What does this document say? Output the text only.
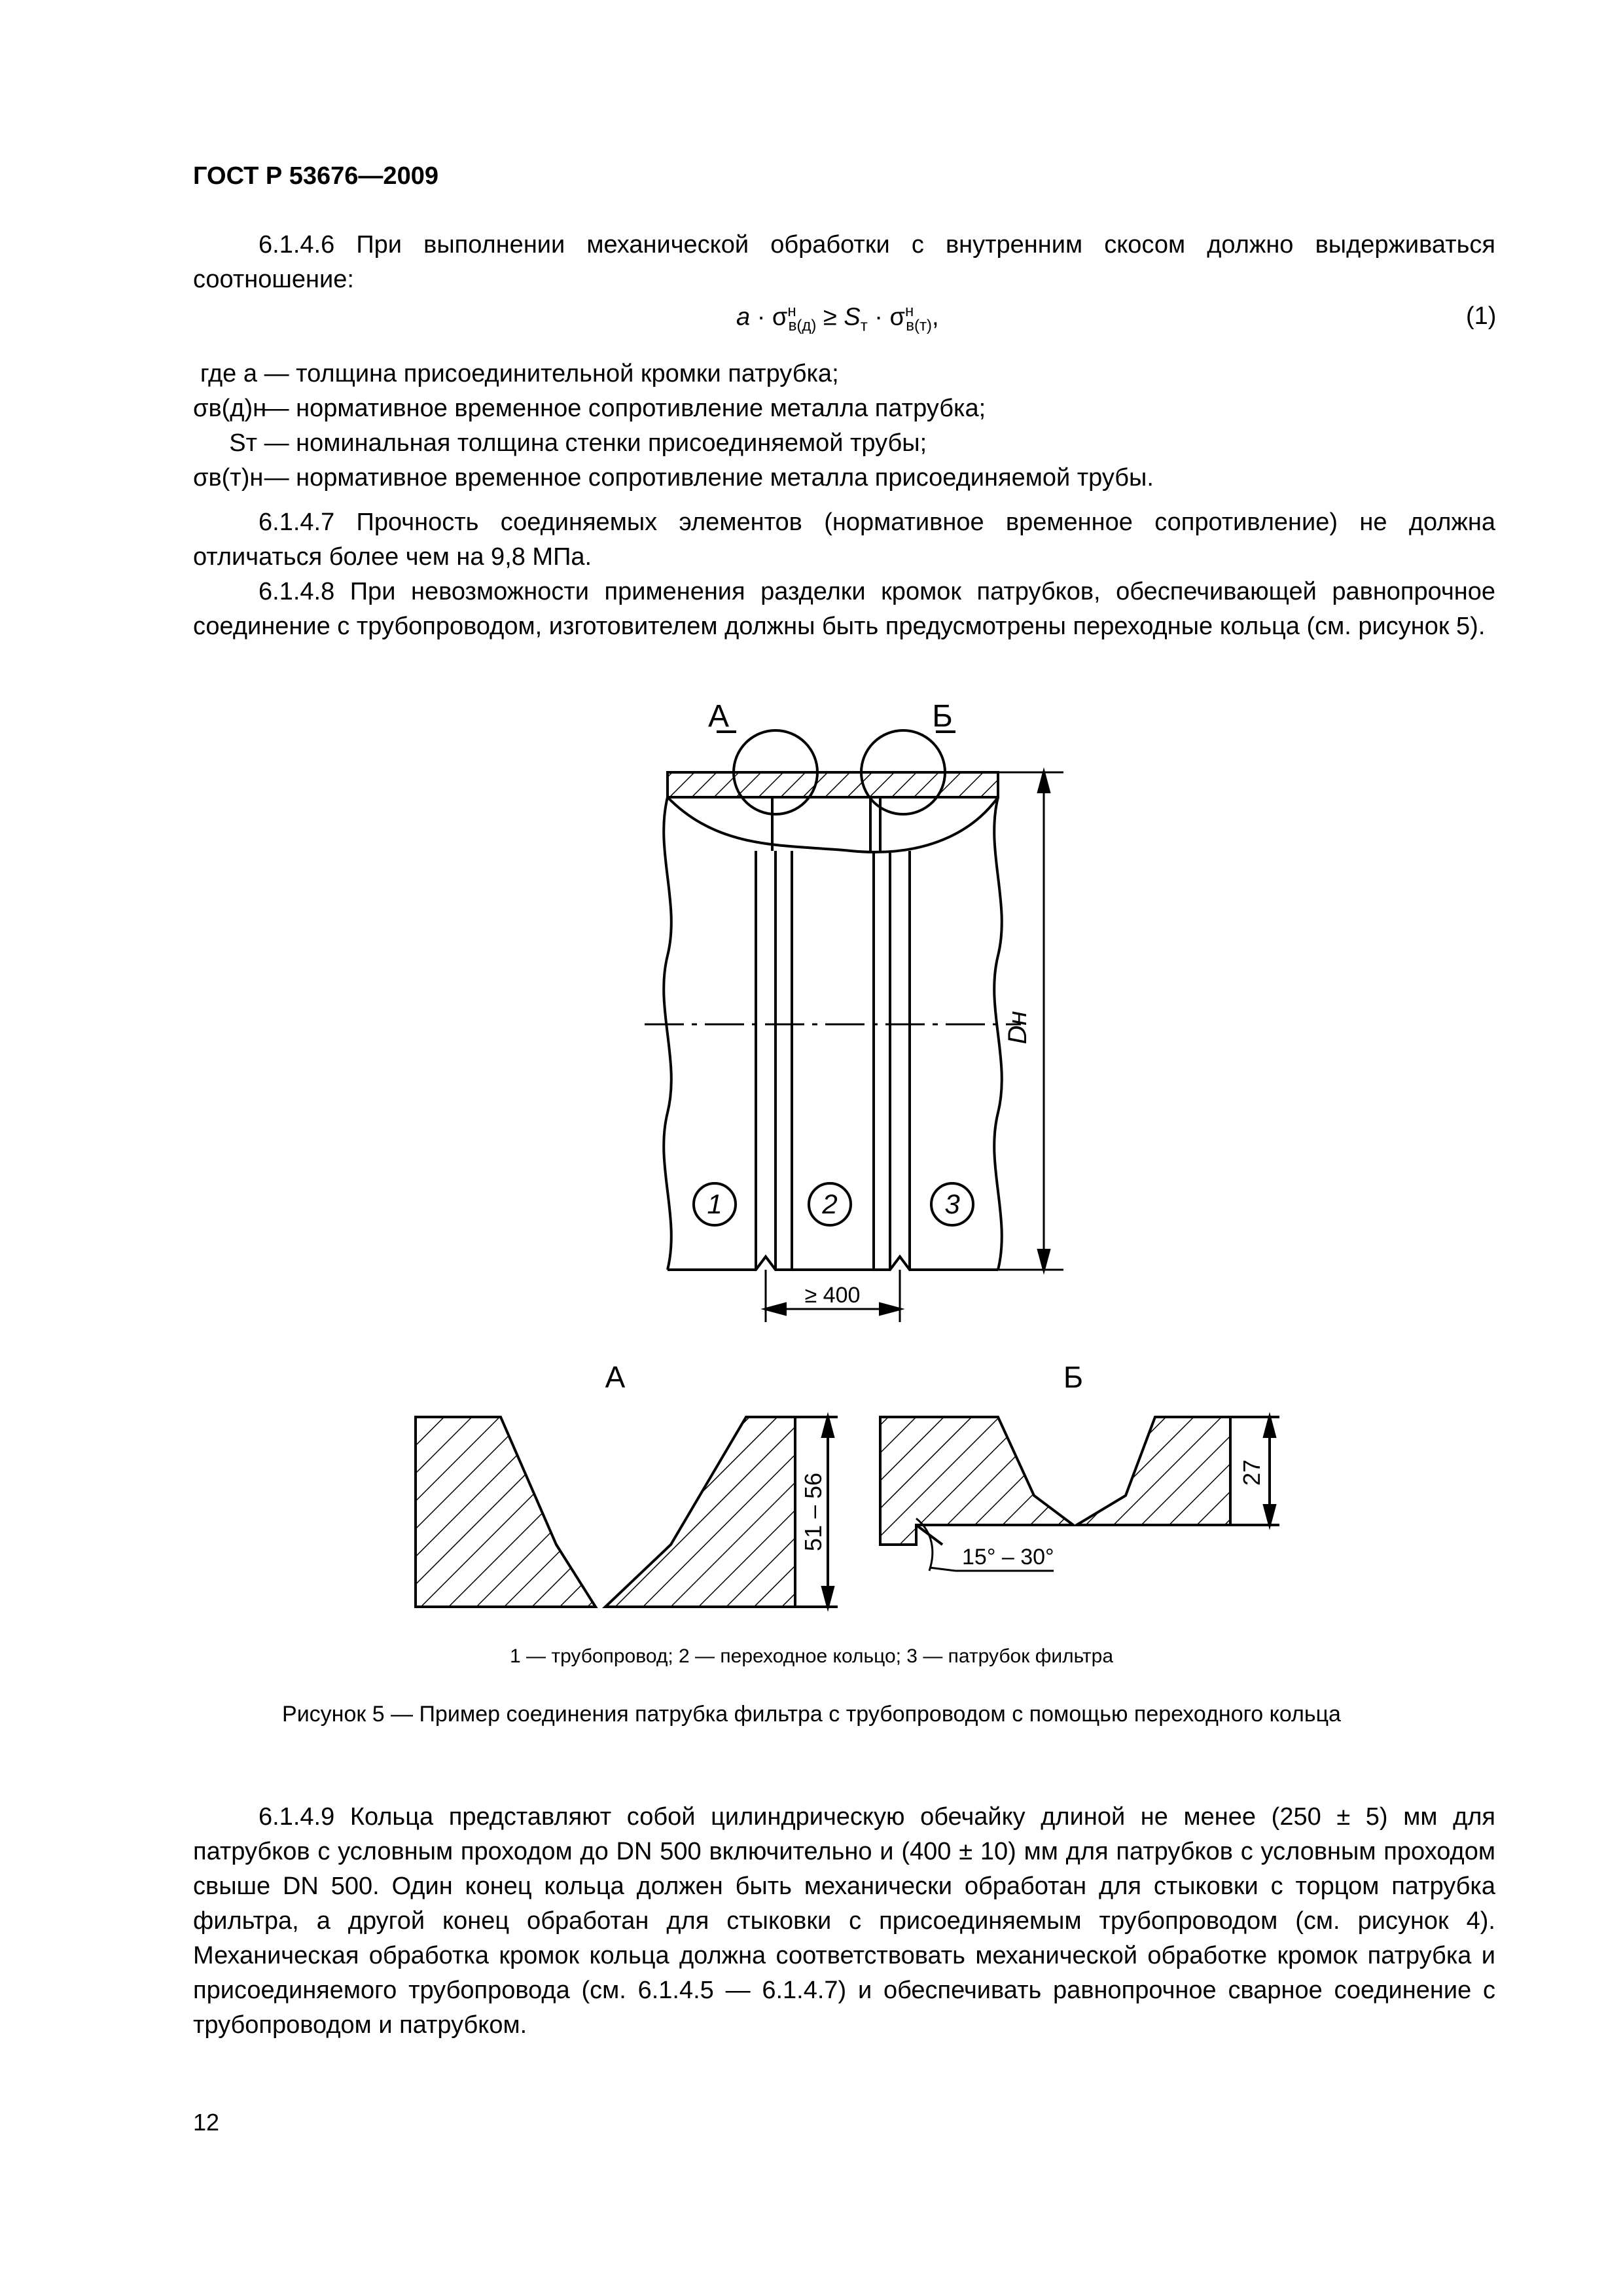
ГОСТ Р 53676—2009
6.1.4.6 При выполнении механической обработки с внутренним скосом должно выдерживаться соотношение:
$a \cdot \sigma^н_{в(д)} \ge S_т \cdot \sigma^н_{в(т)}$,	(1)
где a — толщина присоединительной кромки патрубка;
σв(д)н — нормативное временное сопротивление металла патрубка;
Sт — номинальная толщина стенки присоединяемой трубы;
σв(т)н — нормативное временное сопротивление металла присоединяемой трубы.
6.1.4.7 Прочность соединяемых элементов (нормативное временное сопротивление) не должна отличаться более чем на 9,8 МПа.
6.1.4.8 При невозможности применения разделки кромок патрубков, обеспечивающей равнопрочное соединение с трубопроводом, изготовителем должны быть предусмотрены переходные кольца (см. рисунок 5).
А	Б
Dн
≥ 400
1	2	3
А
51 – 56
Б
27
15° – 30°
1 — трубопровод; 2 — переходное кольцо; 3 — патрубок фильтра
Рисунок 5 — Пример соединения патрубка фильтра с трубопроводом с помощью переходного кольца
6.1.4.9 Кольца представляют собой цилиндрическую обечайку длиной не менее (250 ± 5) мм для патрубков с условным проходом до DN 500 включительно и (400 ± 10) мм для патрубков с условным проходом свыше DN 500. Один конец кольца должен быть механически обработан для стыковки с торцом патрубка фильтра, а другой конец обработан для стыковки с присоединяемым трубопроводом (см. рисунок 4). Механическая обработка кромок кольца должна соответствовать механической обработке кромок патрубка и присоединяемого трубопровода (см. 6.1.4.5 — 6.1.4.7) и обеспечивать равнопрочное сварное соединение с трубопроводом и патрубком.
12
